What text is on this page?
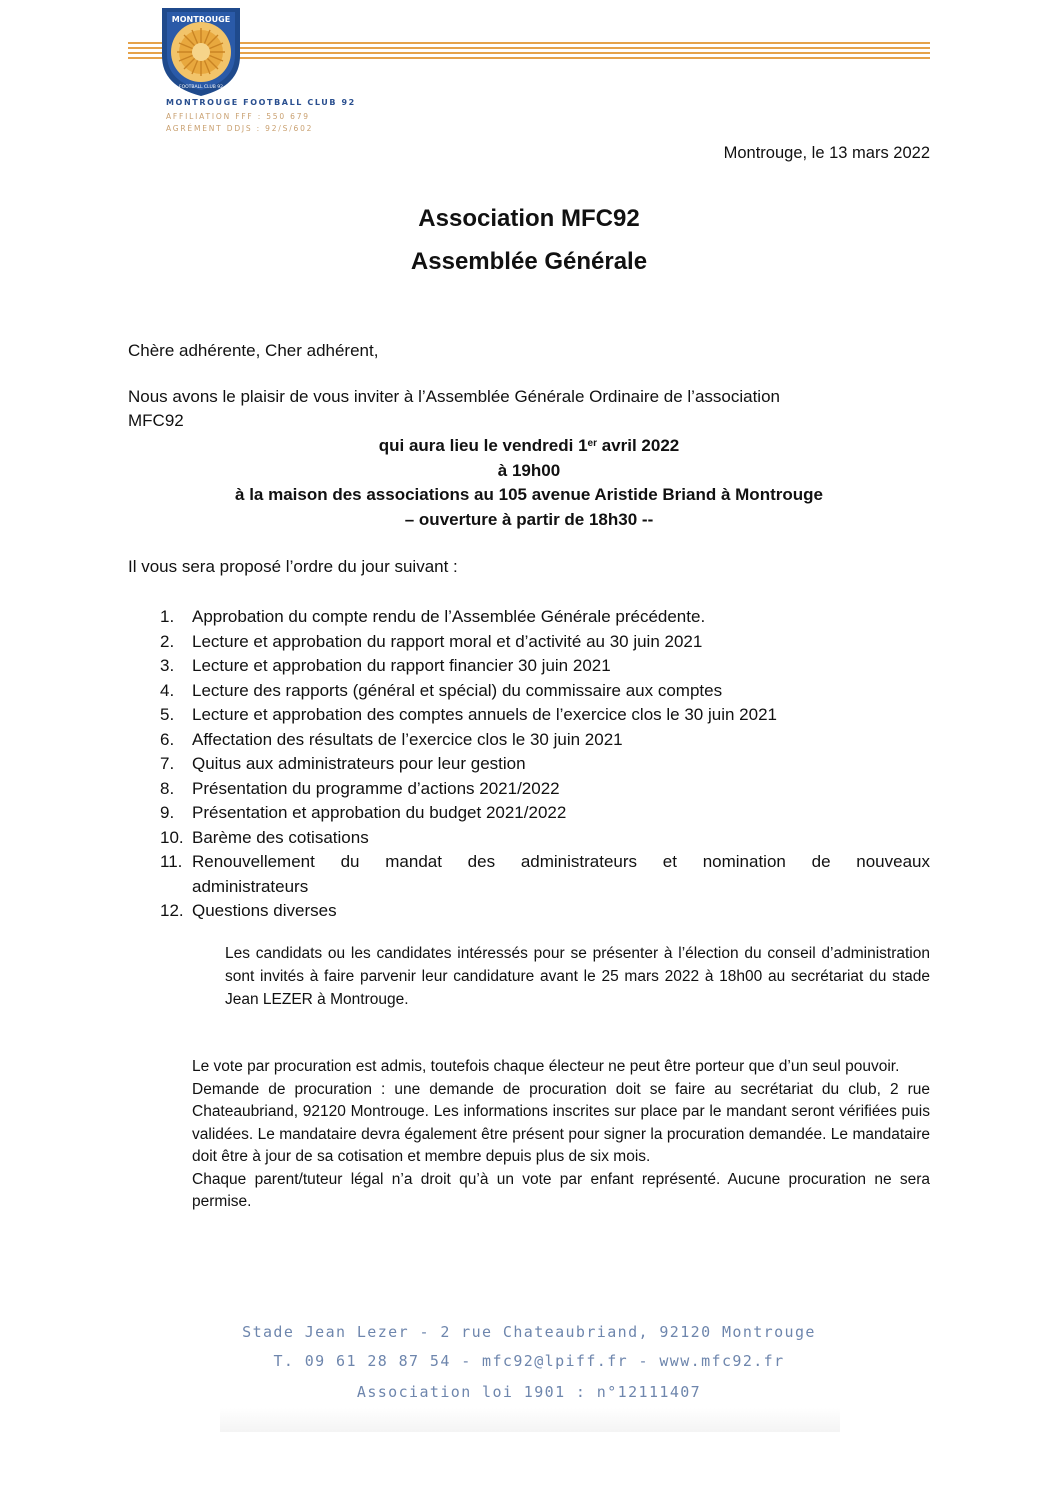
MONTROUGE
FOOTBALL CLUB 92
MONTROUGE FOOTBALL CLUB 92
AFFILIATION FFF : 550 679
AGRÉMENT DDJS : 92/S/602
Montrouge, le 13 mars 2022
Association MFC92
Assemblée Générale
Chère adhérente, Cher adhérent,
Nous avons le plaisir de vous inviter à l’Assemblée Générale Ordinaire de l’association
MFC92
qui aura lieu le vendredi 1er avril 2022
à 19h00
à la maison des associations au 105 avenue Aristide Briand à Montrouge
– ouverture à partir de 18h30 --
Il vous sera proposé l’ordre du jour suivant :
1. Approbation du compte rendu de l’Assemblée Générale précédente.
2. Lecture et approbation du rapport moral et d’activité au 30 juin 2021
3. Lecture et approbation du rapport financier 30 juin 2021
4. Lecture des rapports (général et spécial) du commissaire aux comptes
5. Lecture et approbation des comptes annuels de l’exercice clos le 30 juin 2021
6. Affectation des résultats de l’exercice clos le 30 juin 2021
7. Quitus aux administrateurs pour leur gestion
8. Présentation du programme d’actions 2021/2022
9. Présentation et approbation du budget 2021/2022
10. Barème des cotisations
11. Renouvellement du mandat des administrateurs et nomination de nouveaux
administrateurs
12. Questions diverses
Les candidats ou les candidates intéressés pour se présenter à l’élection du conseil d’administration sont invités à faire parvenir leur candidature avant le 25 mars 2022 à 18h00 au secrétariat du stade Jean LEZER à Montrouge.
Le vote par procuration est admis, toutefois chaque électeur ne peut être porteur que d’un seul pouvoir.
Demande de procuration : une demande de procuration doit se faire au secrétariat du club, 2 rue Chateaubriand, 92120 Montrouge. Les informations inscrites sur place par le mandant seront vérifiées puis validées. Le mandataire devra également être présent pour signer la procuration demandée. Le mandataire doit être à jour de sa cotisation et membre depuis plus de six mois.
Chaque parent/tuteur légal n’a droit qu’à un vote par enfant représenté. Aucune procuration ne sera permise.
Stade Jean Lezer - 2 rue Chateaubriand, 92120 Montrouge
T. 09 61 28 87 54 - mfc92@lpiff.fr - www.mfc92.fr
Association loi 1901 : n°12111407
